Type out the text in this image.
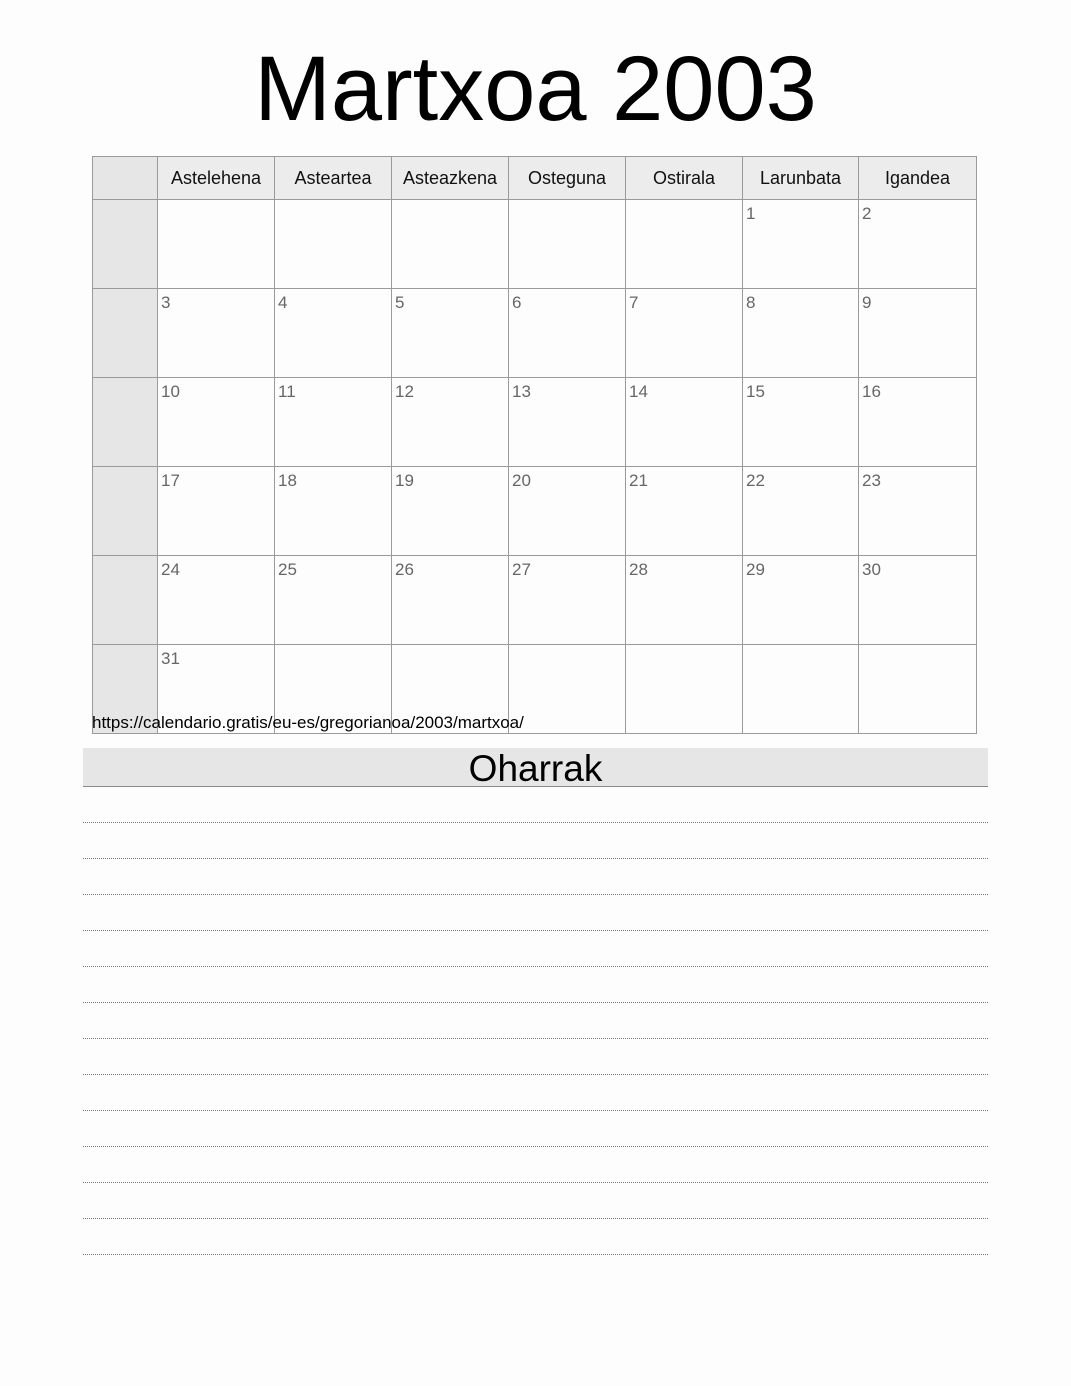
Martxoa 2003
	Astelehena	Asteartea	Asteazkena	Osteguna	Ostirala	Larunbata	Igandea
						1	2
	3	4	5	6	7	8	9
	10	11	12	13	14	15	16
	17	18	19	20	21	22	23
	24	25	26	27	28	29	30
	31						
https://calendario.gratis/eu-es/gregorianoa/2003/martxoa/
Oharrak
